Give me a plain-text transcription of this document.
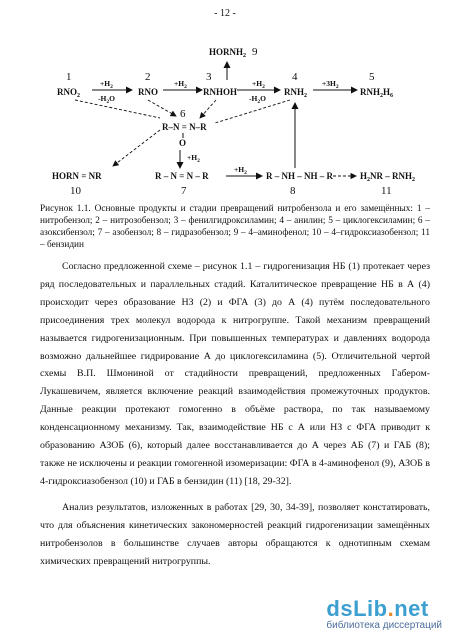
- 12 -
1
$RNO_2$
$+H_2$
$-H_2O$
2
RNO
$+H_2$
3
RNHOH
$+H_2$
$-H_2O$
4
$RNH_2$
$+3H_2$
5
$RNH_2H_6$
$HORNH_2$ 9
6
R–N = N–R
O
$+H_2$
HORN = NR
10
R – N = N – R
7
$+H_2$ R – NH – NH – R
8
$H_2NR - RNH_2$
11
Рисунок 1.1. Основные продукты и стадии превращений нитробензола и его замещённых: 1 – нитробензол; 2 – нитрозобензол; 3 – фенилгидроксиламин; 4 – анилин; 5 – циклогексиламин; 6 – азоксибензол; 7 – азобензол; 8 – гидразобензол; 9 – 4–аминофенол; 10 – 4–гидроксиазобензол; 11 – бензидин

Согласно предложенной схеме – рисунок 1.1 – гидрогенизация НБ (1) протекает через ряд последовательных и параллельных стадий. Каталитическое превращение НБ в А (4) происходит через образование НЗ (2) и ФГА (3) до А (4) путём последовательного присоединения трех молекул водорода к нитрогруппе. Такой механизм превращений называется гидрогенизационным. При повышенных температурах и давлениях водорода возможно дальнейшее гидрирование А до циклогексиламина (5). Отличительной чертой схемы В.П. Шмониной от стадийности превращений, предложенных Габером-Лукашевичем, является включение реакций взаимодействия промежуточных продуктов. Данные реакции протекают гомогенно в объёме раствора, по так называемому конденсационному механизму. Так, взаимодействие НБ с А или НЗ с ФГА приводит к образованию АЗОБ (6), который далее восстанавливается до А через АБ (7) и ГАБ (8); также не исключены и реакции гомогенной изомеризации: ФГА в 4-аминофенол (9), АЗОБ в 4-гидроксиазобензол (10) и ГАБ в бензидин (11) [18, 29-32].

Анализ результатов, изложенных в работах [29, 30, 34-39], позволяет констатировать, что для объяснения кинетических закономерностей реакций гидрогенизации замещённых нитробензолов в большинстве случаев авторы обращаются к однотипным схемам химических превращений нитрогруппы.

dsLib.net
библиотека диссертаций
